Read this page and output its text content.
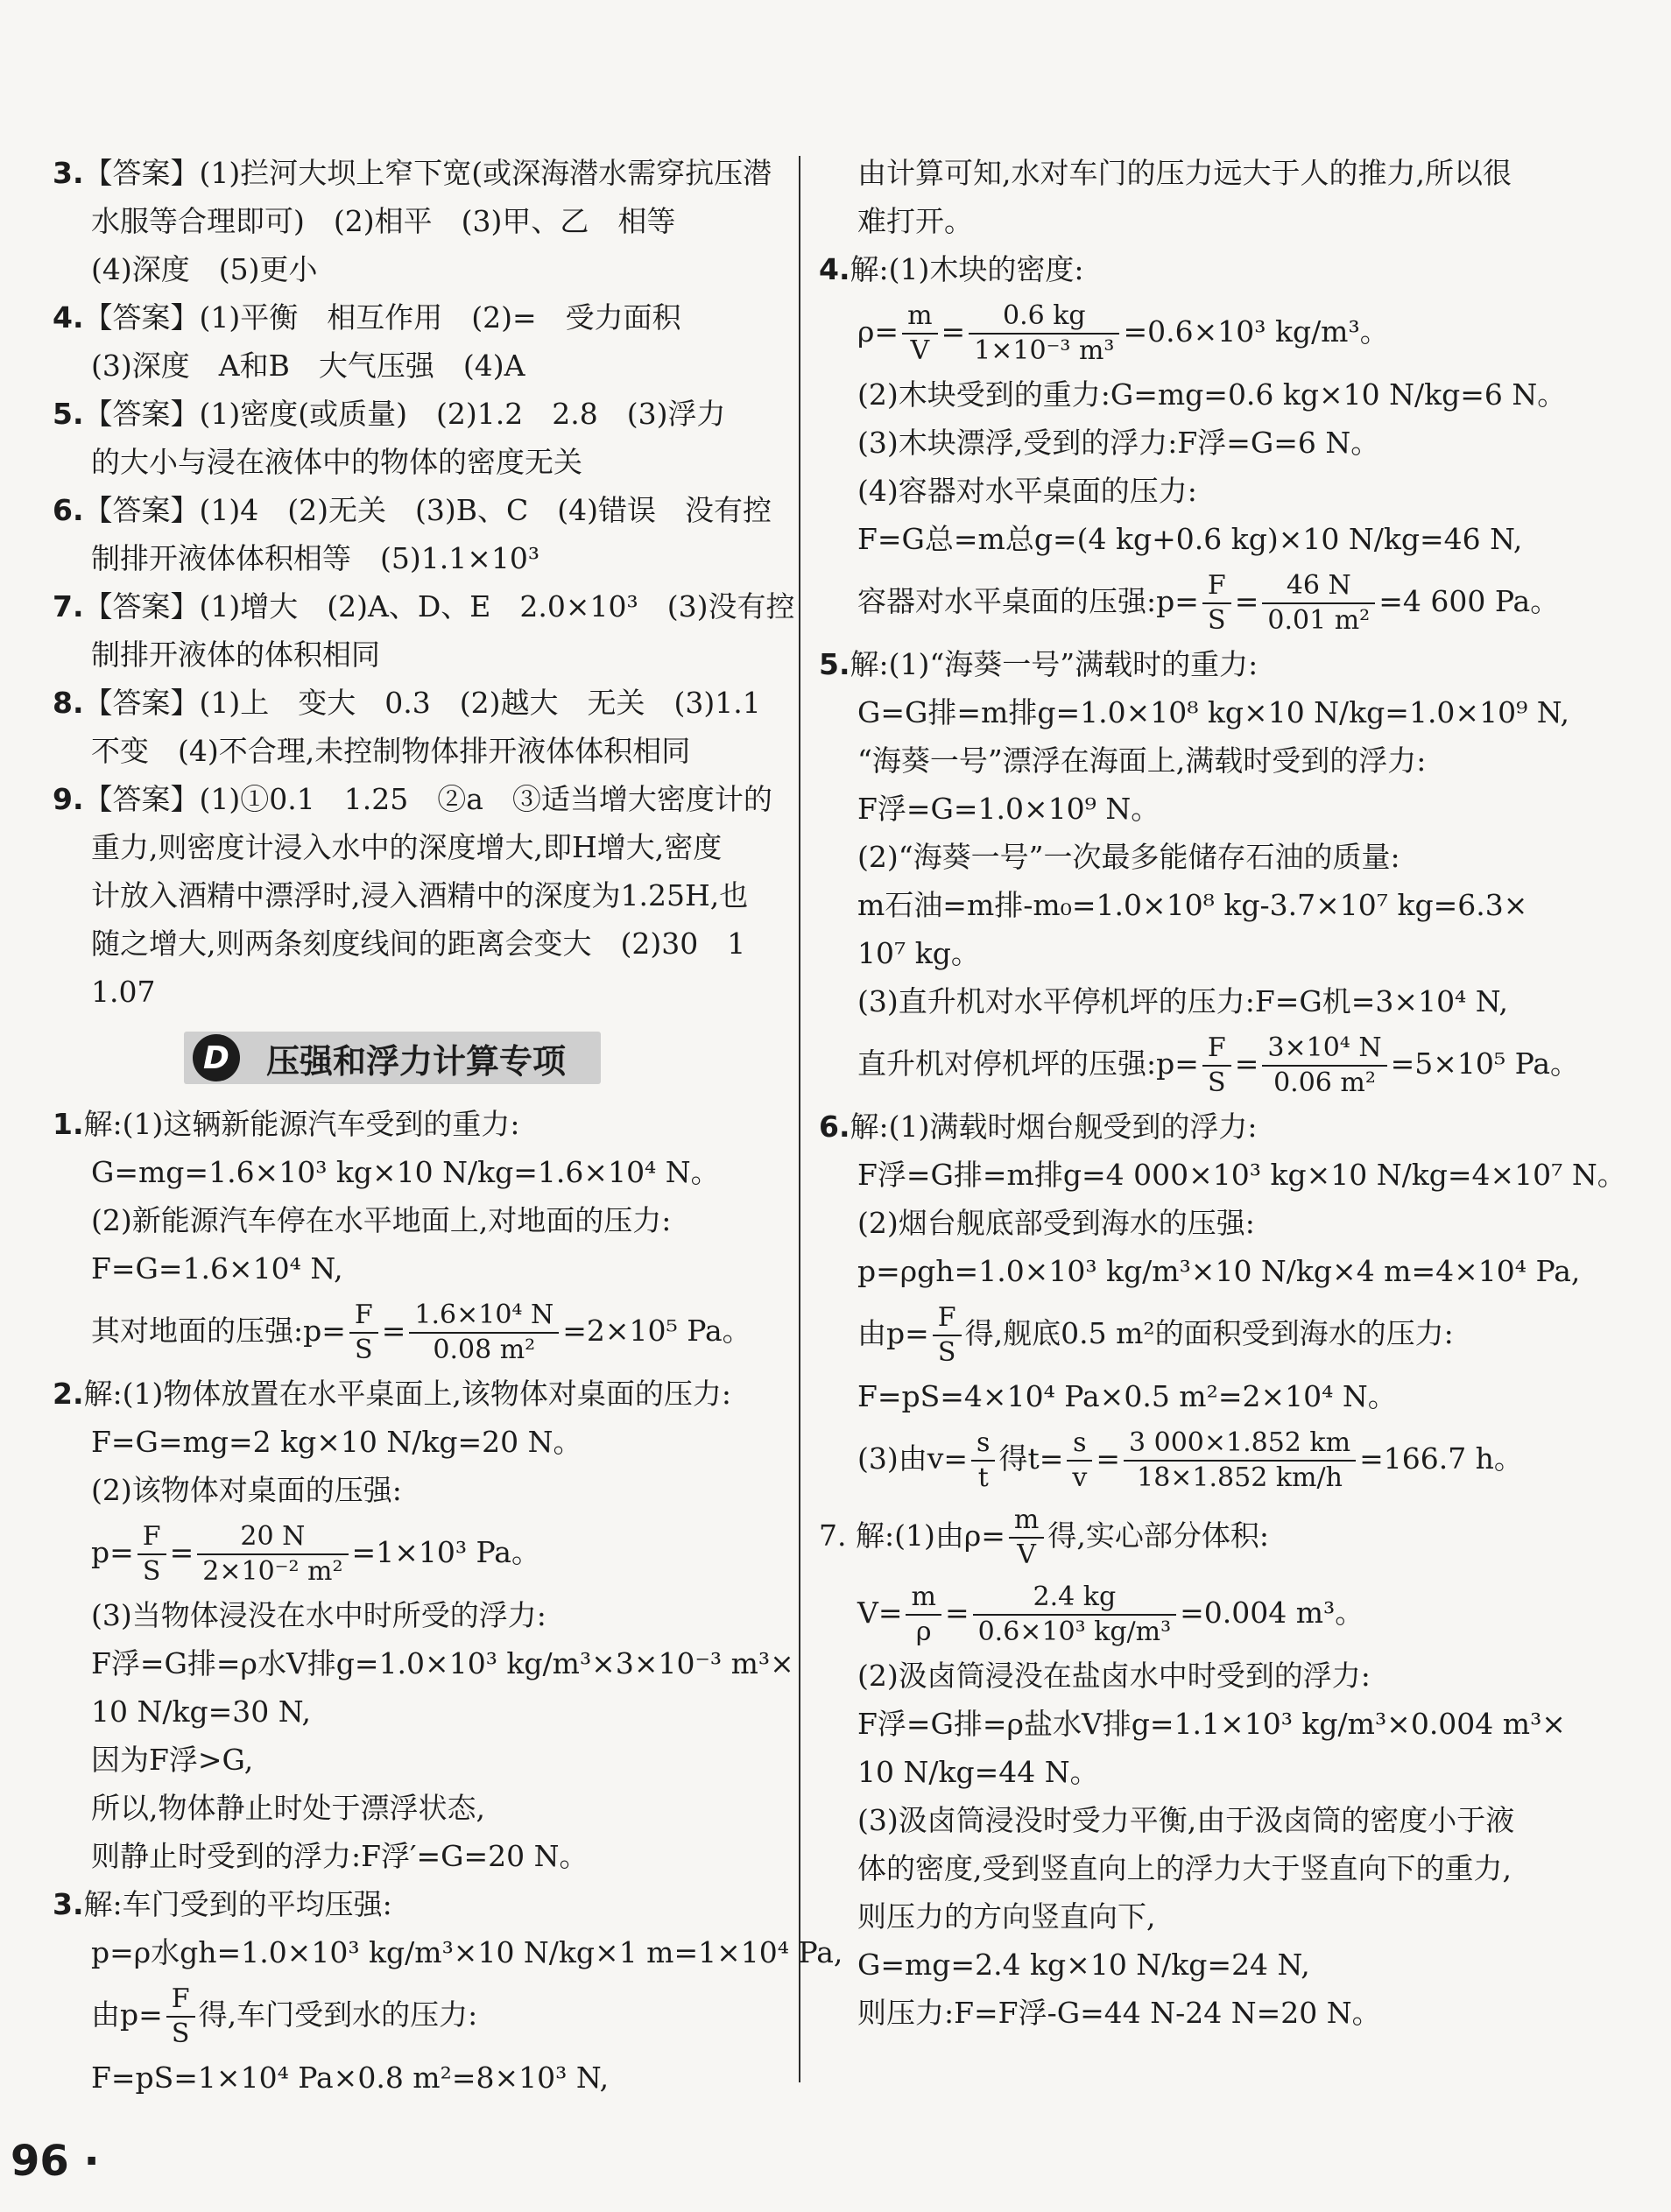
3.【答案】(1)拦河大坝上窄下宽(或深海潜水需穿抗压潜
水服等合理即可)　(2)相平　(3)甲、乙　相等
(4)深度　(5)更小
4.【答案】(1)平衡　相互作用　(2)=　受力面积
(3)深度　A和B　大气压强　(4)A
5.【答案】(1)密度(或质量)　(2)1.2　2.8　(3)浮力
的大小与浸在液体中的物体的密度无关
6.【答案】(1)4　(2)无关　(3)B、C　(4)错误　没有控
制排开液体体积相等　(5)1.1×10³
7.【答案】(1)增大　(2)A、D、E　2.0×10³　(3)没有控
制排开液体的体积相同
8.【答案】(1)上　变大　0.3　(2)越大　无关　(3)1.1
不变　(4)不合理,未控制物体排开液体体积相同
9.【答案】(1)①0.1　1.25　②a　③适当增大密度计的
重力,则密度计浸入水中的深度增大,即H增大,密度
计放入酒精中漂浮时,浸入酒精中的深度为1.25H,也
随之增大,则两条刻度线间的距离会变大　(2)30　1
1.07
D	压强和浮力计算专项
1.解:(1)这辆新能源汽车受到的重力:
G=mg=1.6×10³ kg×10 N/kg=1.6×10⁴ N。
(2)新能源汽车停在水平地面上,对地面的压力:
F=G=1.6×10⁴ N,
其对地面的压强:p= $\frac{F}{S} = \frac{\text{1.6×10⁴ N}}{\text{0.08 m²}} =2\times 10^5$ Pa。
2.解:(1)物体放置在水平桌面上,该物体对桌面的压力:
F=G=mg=2 kg×10 N/kg=20 N。
(2)该物体对桌面的压强:
$p= \frac{F}{S} = \frac{20 N}{\text{2×10⁻² m²}} =1\times 10^3$ Pa。
(3)当物体浸没在水中时所受的浮力:
F浮=G排=ρ水V排g=1.0×10³ kg/m³×3×10⁻³ m³×
10 N/kg=30 N,
因为F浮>G,
所以,物体静止时处于漂浮状态,
则静止时受到的浮力:F浮′=G=20 N。
3.解:车门受到的平均压强:
p=ρ水gh=1.0×10³ kg/m³×10 N/kg×1 m=1×10⁴ Pa,
由$p= \frac{F}{S}$ 得,车门受到水的压力:
F=pS=1×10⁴ Pa×0.8 m²=8×10³ N,
由计算可知,水对车门的压力远大于人的推力,所以很
难打开。
4.解:(1)木块的密度:
$\rho= \frac{m}{V} = \frac{0.6 kg}{\text{1×10⁻³ m³}} =0.6\times 10^3$ kg/m³。
(2)木块受到的重力:G=mg=0.6 kg×10 N/kg=6 N。
(3)木块漂浮,受到的浮力:F浮=G=6 N。
(4)容器对水平桌面的压力:
F=G总=m总g=(4 kg+0.6 kg)×10 N/kg=46 N,
容器对水平桌面的压强:p= $\frac{F}{S} = \frac{46 N}{\text{0.01 m²}} =4$ 600 Pa。
5.解:(1)“海葵一号”满载时的重力:
G=G排=m排g=1.0×10⁸ kg×10 N/kg=1.0×10⁹ N,
“海葵一号”漂浮在海面上,满载时受到的浮力:
F浮=G=1.0×10⁹ N。
(2)“海葵一号”一次最多能储存石油的质量:
m石油=m排-m₀=1.0×10⁸ kg-3.7×10⁷ kg=6.3×
10⁷ kg。
(3)直升机对水平停机坪的压力:F=G机=3×10⁴ N,
直升机对停机坪的压强:p= $\frac{F}{S} = \frac{\text{3×10⁴ N}}{\text{0.06 m²}} =5\times 10^5$ Pa。
6.解:(1)满载时烟台舰受到的浮力:
F浮=G排=m排g=4 000×10³ kg×10 N/kg=4×10⁷ N。
(2)烟台舰底部受到海水的压强:
p=ρgh=1.0×10³ kg/m³×10 N/kg×4 m=4×10⁴ Pa,
由$p= \frac{F}{S}$ 得,舰底0.5 m²的面积受到海水的压力:
F=pS=4×10⁴ Pa×0.5 m²=2×10⁴ N。
(3)由$v= \frac{s}{t}$ 得$t= \frac{s}{v} = \frac{3 000\times 1.852 km}{18\times 1.852 km/h} =166.7$ h。
7. 解:(1)由$\rho= \frac{m}{V}$ 得,实心部分体积:
$V= \frac{m}{\rho} = \frac{2.4 kg}{\text{0.6×10³ kg/m³}} =0.004$ m³。
(2)汲卤筒浸没在盐卤水中时受到的浮力:
F浮=G排=ρ盐水V排g=1.1×10³ kg/m³×0.004 m³×
10 N/kg=44 N。
(3)汲卤筒浸没时受力平衡,由于汲卤筒的密度小于液
体的密度,受到竖直向上的浮力大于竖直向下的重力,
则压力的方向竖直向下,
G=mg=2.4 kg×10 N/kg=24 N,
则压力:F=F浮-G=44 N-24 N=20 N。
96 ·
